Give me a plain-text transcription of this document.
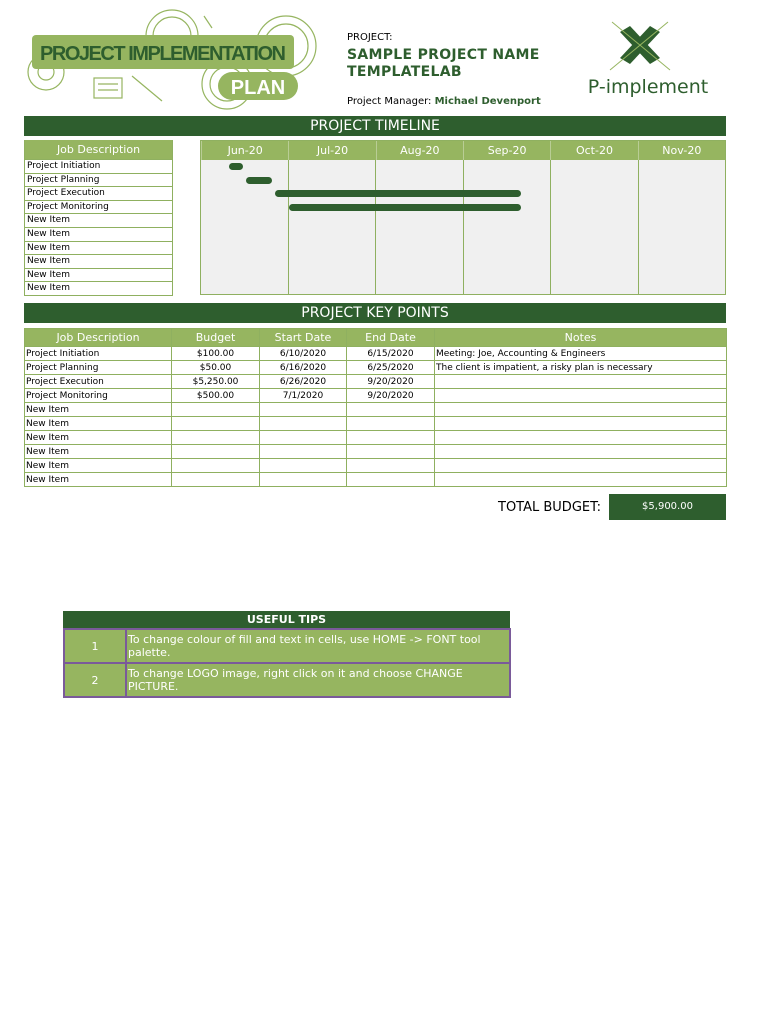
PROJECT IMPLEMENTATION
PLAN
PROJECT:
SAMPLE PROJECT NAME TEMPLATELAB
Project Manager: Michael Devenport
P-implement
PROJECT TIMELINE
Job Description
Project Initiation
Project Planning
Project Execution
Project Monitoring
New Item
New Item
New Item
New Item
New Item
New Item
Jun-20	Jul-20	Aug-20	Sep-20	Oct-20	Nov-20
PROJECT KEY POINTS
Job Description	Budget	Start Date	End Date	Notes
Project Initiation	$100.00	6/10/2020	6/15/2020	Meeting: Joe, Accounting & Engineers
Project Planning	$50.00	6/16/2020	6/25/2020	The client is impatient, a risky plan is necessary
Project Execution	$5,250.00	6/26/2020	9/20/2020	
Project Monitoring	$500.00	7/1/2020	9/20/2020	
New Item				
New Item				
New Item				
New Item				
New Item				
New Item				
TOTAL BUDGET:	$5,900.00
USEFUL TIPS
1	To change colour of fill and text in cells, use HOME -> FONT tool palette.
2	To change LOGO image, right click on it and choose CHANGE PICTURE.
